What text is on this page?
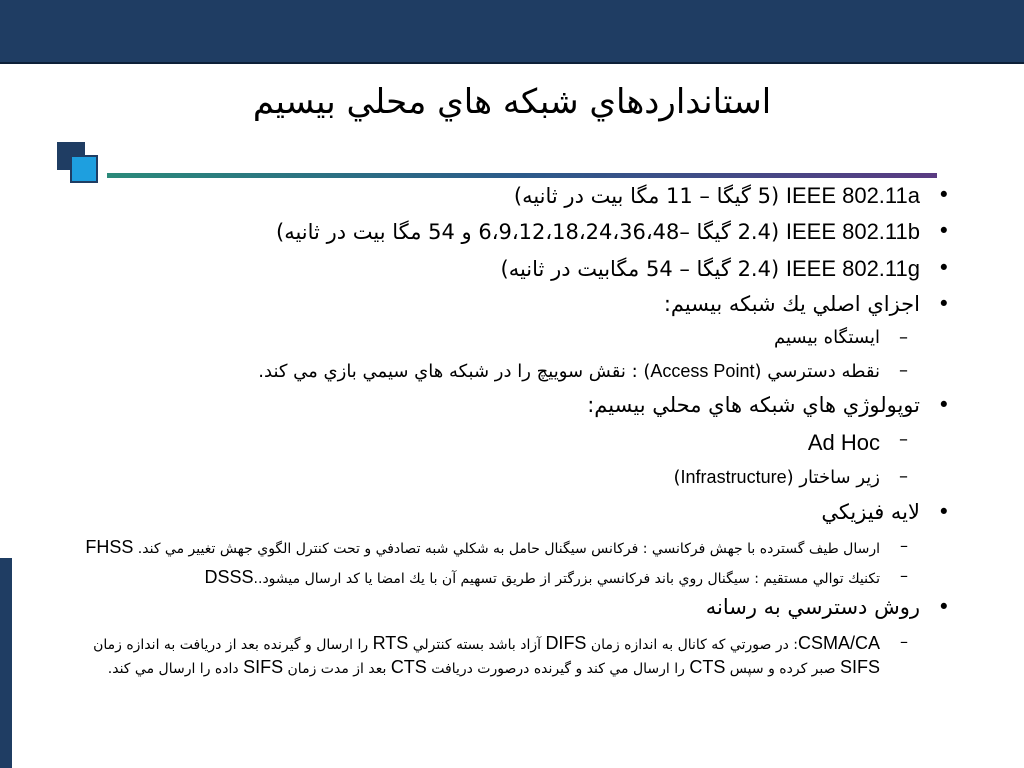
استانداردهاي شبکه هاي محلي بيسيم
• IEEE 802.11a (5 گيگا – 11 مگا بيت در ثانيه)
• IEEE 802.11b (2.4 گيگا –6،9،12،18،24،36،48 و 54 مگا بيت در ثانيه)
• IEEE 802.11g (2.4 گيگا – 54 مگابيت در ثانيه)
• اجزاي اصلي يك شبكه بيسيم:
– ايستگاه بيسيم
– نقطه دسترسي (Access Point) : نقش سوييچ را در شبكه هاي سيمي بازي مي كند.
• توپولوژي هاي شبكه هاي محلي بيسيم:
– Ad Hoc
– زير ساختار (Infrastructure)
• لايه فيزيكي
– ارسال طيف گسترده با جهش فركانسي : فركانس سيگنال حامل به شكلي شبه تصادفي و تحت كنترل الگوي جهش تغيير مي كند. FHSS
– تكنيك توالي مستقيم : سيگنال روي باند فركانسي بزرگتر از طريق تسهيم آن با يك امضا يا كد ارسال ميشود..DSSS
• روش دسترسي به رسانه
– CSMA/CA: در صورتي كه كانال به اندازه زمان DIFS آزاد باشد بسته كنترلي RTS را ارسال و گيرنده بعد از دريافت به اندازه زمان SIFS صبر كرده و سپس CTS را ارسال مي كند و گيرنده درصورت دريافت CTS بعد از مدت زمان SIFS داده را ارسال مي كند.
